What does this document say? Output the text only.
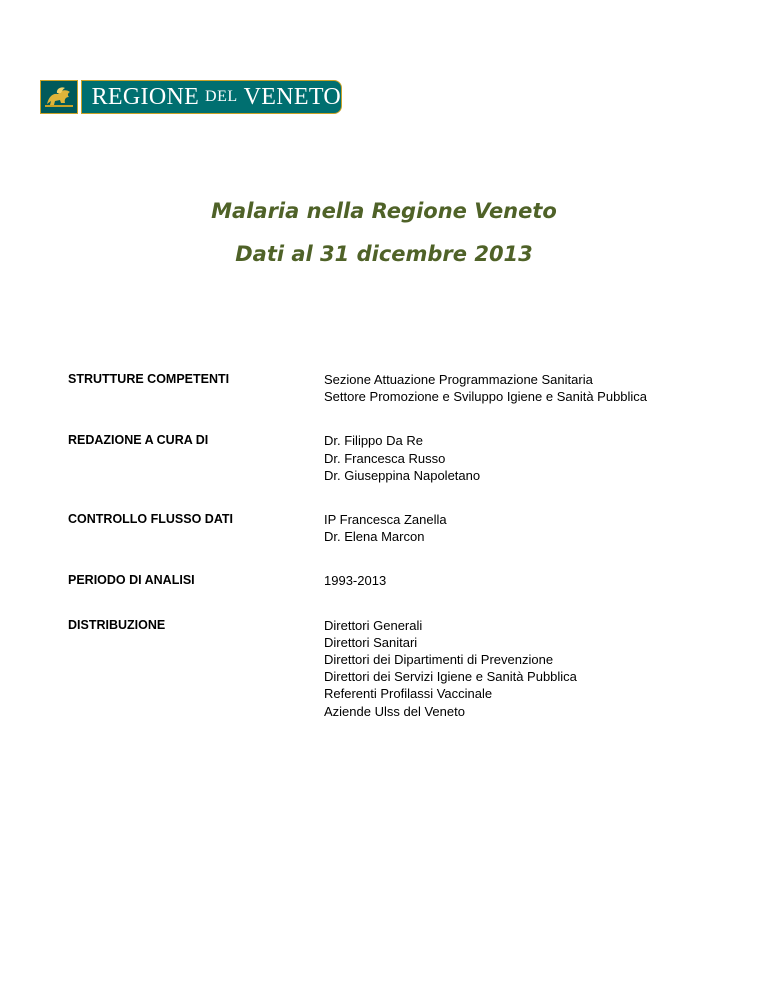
REGIONE DEL VENETO
Malaria nella Regione Veneto
Dati al 31 dicembre 2013
STRUTTURE COMPETENTI	Sezione Attuazione Programmazione Sanitaria
Settore Promozione e Sviluppo Igiene e Sanità Pubblica
REDAZIONE A CURA DI	Dr. Filippo Da Re
Dr. Francesca Russo
Dr. Giuseppina Napoletano
CONTROLLO FLUSSO DATI	IP Francesca Zanella
Dr. Elena Marcon
PERIODO DI ANALISI	1993-2013
DISTRIBUZIONE	Direttori Generali
Direttori Sanitari
Direttori dei Dipartimenti di Prevenzione
Direttori dei Servizi Igiene e Sanità Pubblica
Referenti Profilassi Vaccinale
Aziende Ulss del Veneto
